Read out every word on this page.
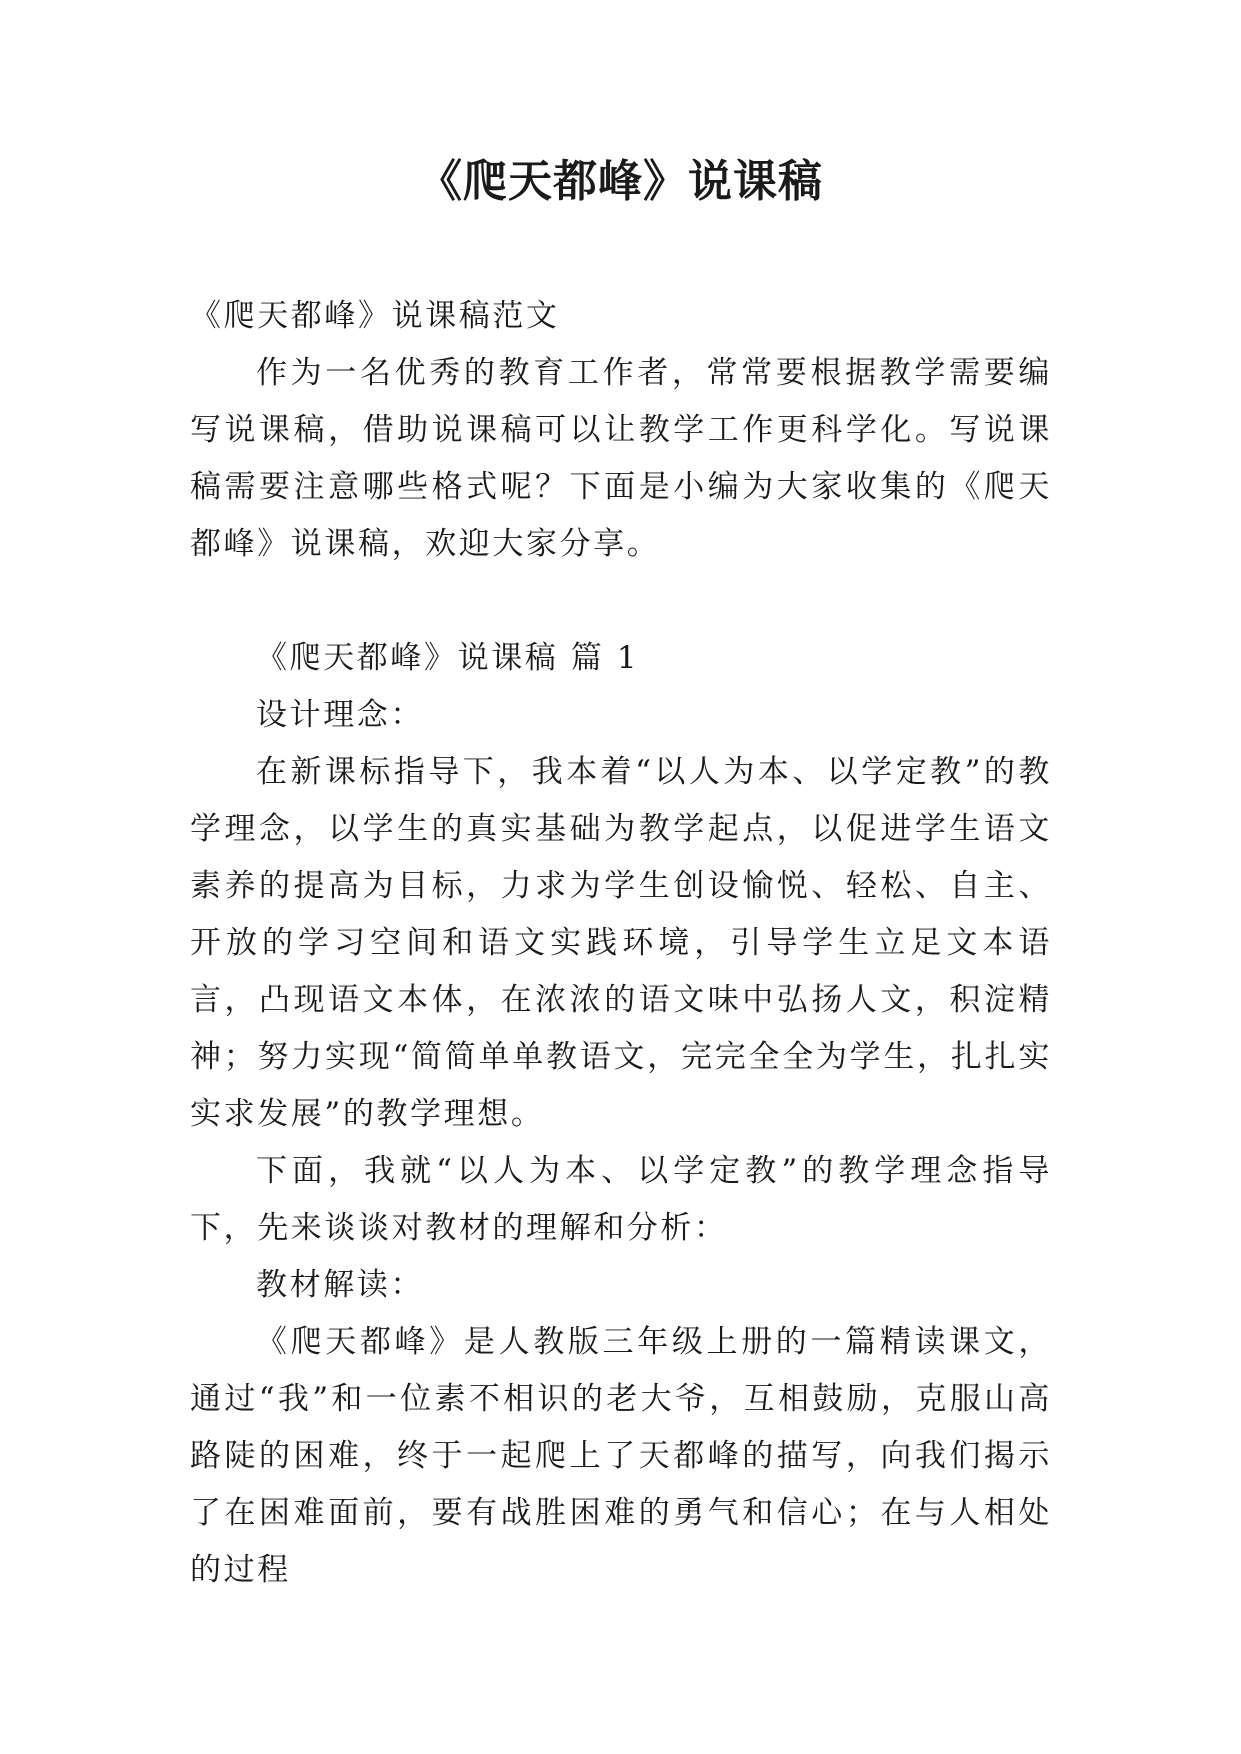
《爬天都峰》说课稿

《爬天都峰》说课稿范文

作为一名优秀的教育工作者，常常要根据教学需要编写说课稿，借助说课稿可以让教学工作更科学化。写说课稿需要注意哪些格式呢？下面是小编为大家收集的《爬天都峰》说课稿，欢迎大家分享。

《爬天都峰》说课稿 篇 1

设计理念：

在新课标指导下，我本着“以人为本、以学定教”的教学理念，以学生的真实基础为教学起点，以促进学生语文素养的提高为目标，力求为学生创设愉悦、轻松、自主、开放的学习空间和语文实践环境，引导学生立足文本语言，凸现语文本体，在浓浓的语文味中弘扬人文，积淀精神；努力实现“简简单单教语文，完完全全为学生，扎扎实实求发展”的教学理想。

下面，我就“以人为本、以学定教”的教学理念指导下，先来谈谈对教材的理解和分析：

教材解读：

《爬天都峰》是人教版三年级上册的一篇精读课文，通过“我”和一位素不相识的老大爷，互相鼓励，克服山高路陡的困难，终于一起爬上了天都峰的描写，向我们揭示了在困难面前，要有战胜困难的勇气和信心；在与人相处的过程
